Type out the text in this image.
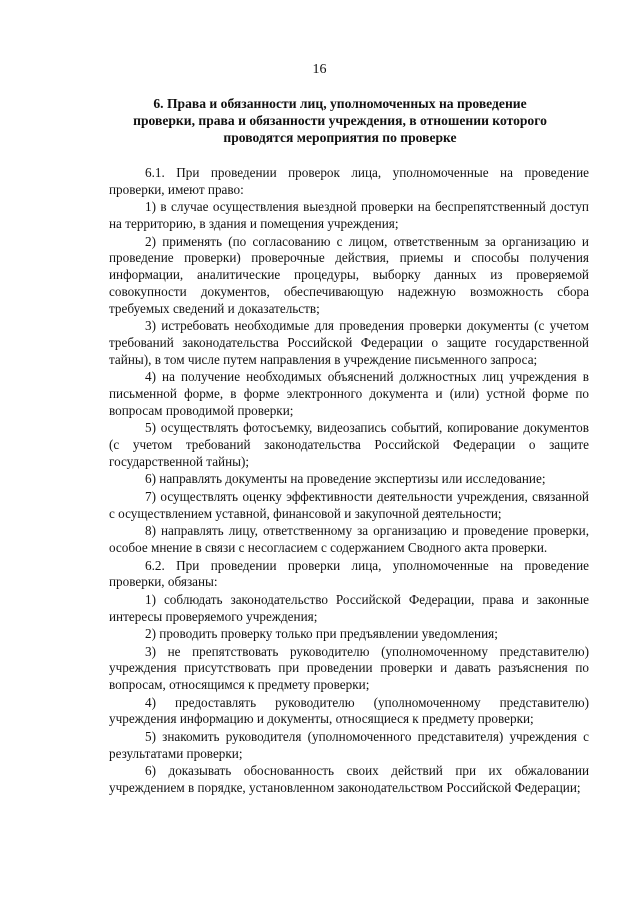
16
6. Права и обязанности лиц, уполномоченных на проведение
проверки, права и обязанности учреждения, в отношении которого
проводятся мероприятия по проверке

6.1. При проведении проверок лица, уполномоченные на проведение проверки, имеют право:

1) в случае осуществления выездной проверки на беспрепятственный доступ на территорию, в здания и помещения учреждения;

2) применять (по согласованию с лицом, ответственным за организацию и проведение проверки) проверочные действия, приемы и способы получения информации, аналитические процедуры, выборку данных из проверяемой совокупности документов, обеспечивающую надежную возможность сбора требуемых сведений и доказательств;

3) истребовать необходимые для проведения проверки документы (с учетом требований законодательства Российской Федерации о защите государственной тайны), в том числе путем направления в учреждение письменного запроса;

4) на получение необходимых объяснений должностных лиц учреждения в письменной форме, в форме электронного документа и (или) устной форме по вопросам проводимой проверки;

5) осуществлять фотосъемку, видеозапись событий, копирование документов (с учетом требований законодательства Российской Федерации о защите государственной тайны);

6) направлять документы на проведение экспертизы или исследование;

7) осуществлять оценку эффективности деятельности учреждения, связанной с осуществлением уставной, финансовой и закупочной деятельности;

8) направлять лицу, ответственному за организацию и проведение проверки, особое мнение в связи с несогласием с содержанием Сводного акта проверки.

6.2. При проведении проверки лица, уполномоченные на проведение проверки, обязаны:

1) соблюдать законодательство Российской Федерации, права и законные интересы проверяемого учреждения;

2) проводить проверку только при предъявлении уведомления;

3) не препятствовать руководителю (уполномоченному представителю) учреждения присутствовать при проведении проверки и давать разъяснения по вопросам, относящимся к предмету проверки;

4) предоставлять руководителю (уполномоченному представителю) учреждения информацию и документы, относящиеся к предмету проверки;

5) знакомить руководителя (уполномоченного представителя) учреждения с результатами проверки;

6) доказывать обоснованность своих действий при их обжаловании учреждением в порядке, установленном законодательством Российской Федерации;
